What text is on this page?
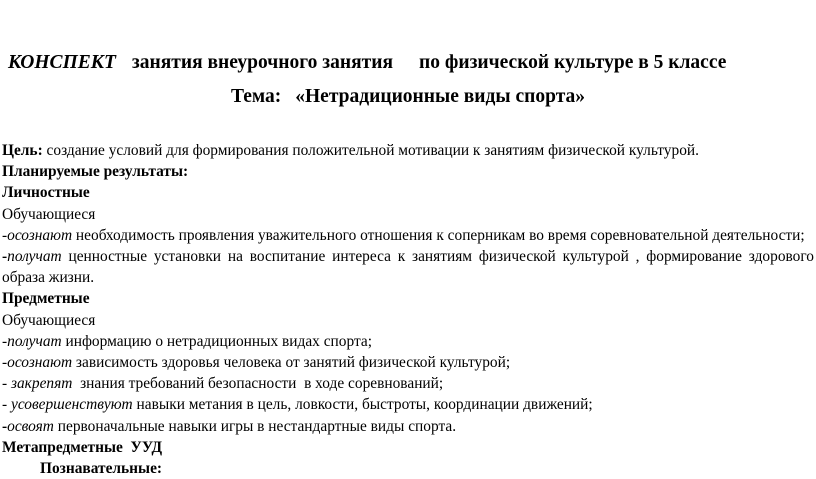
КОНСПЕКТ занятия внеурочного занятия по физической культуре в 5 классе
Тема: «Нетрадиционные виды спорта»

Цель: создание условий для формирования положительной мотивации к занятиям физической культурой.

Планируемые результаты:

Личностные

Обучающиеся

-осознают необходимость проявления уважительного отношения к соперникам во время соревновательной деятельности;

-получат ценностные установки на воспитание интереса к занятиям физической культурой , формирование здорового образа жизни.

Предметные

Обучающиеся

-получат информацию о нетрадиционных видах спорта;

-осознают зависимость здоровья человека от занятий физической культурой;

- закрепят  знания требований безопасности  в ходе соревнований;

- усовершенствуют навыки метания в цель, ловкости, быстроты, координации движений;

-освоят первоначальные навыки игры в нестандартные виды спорта.

Метапредметные  УУД

Познавательные:
